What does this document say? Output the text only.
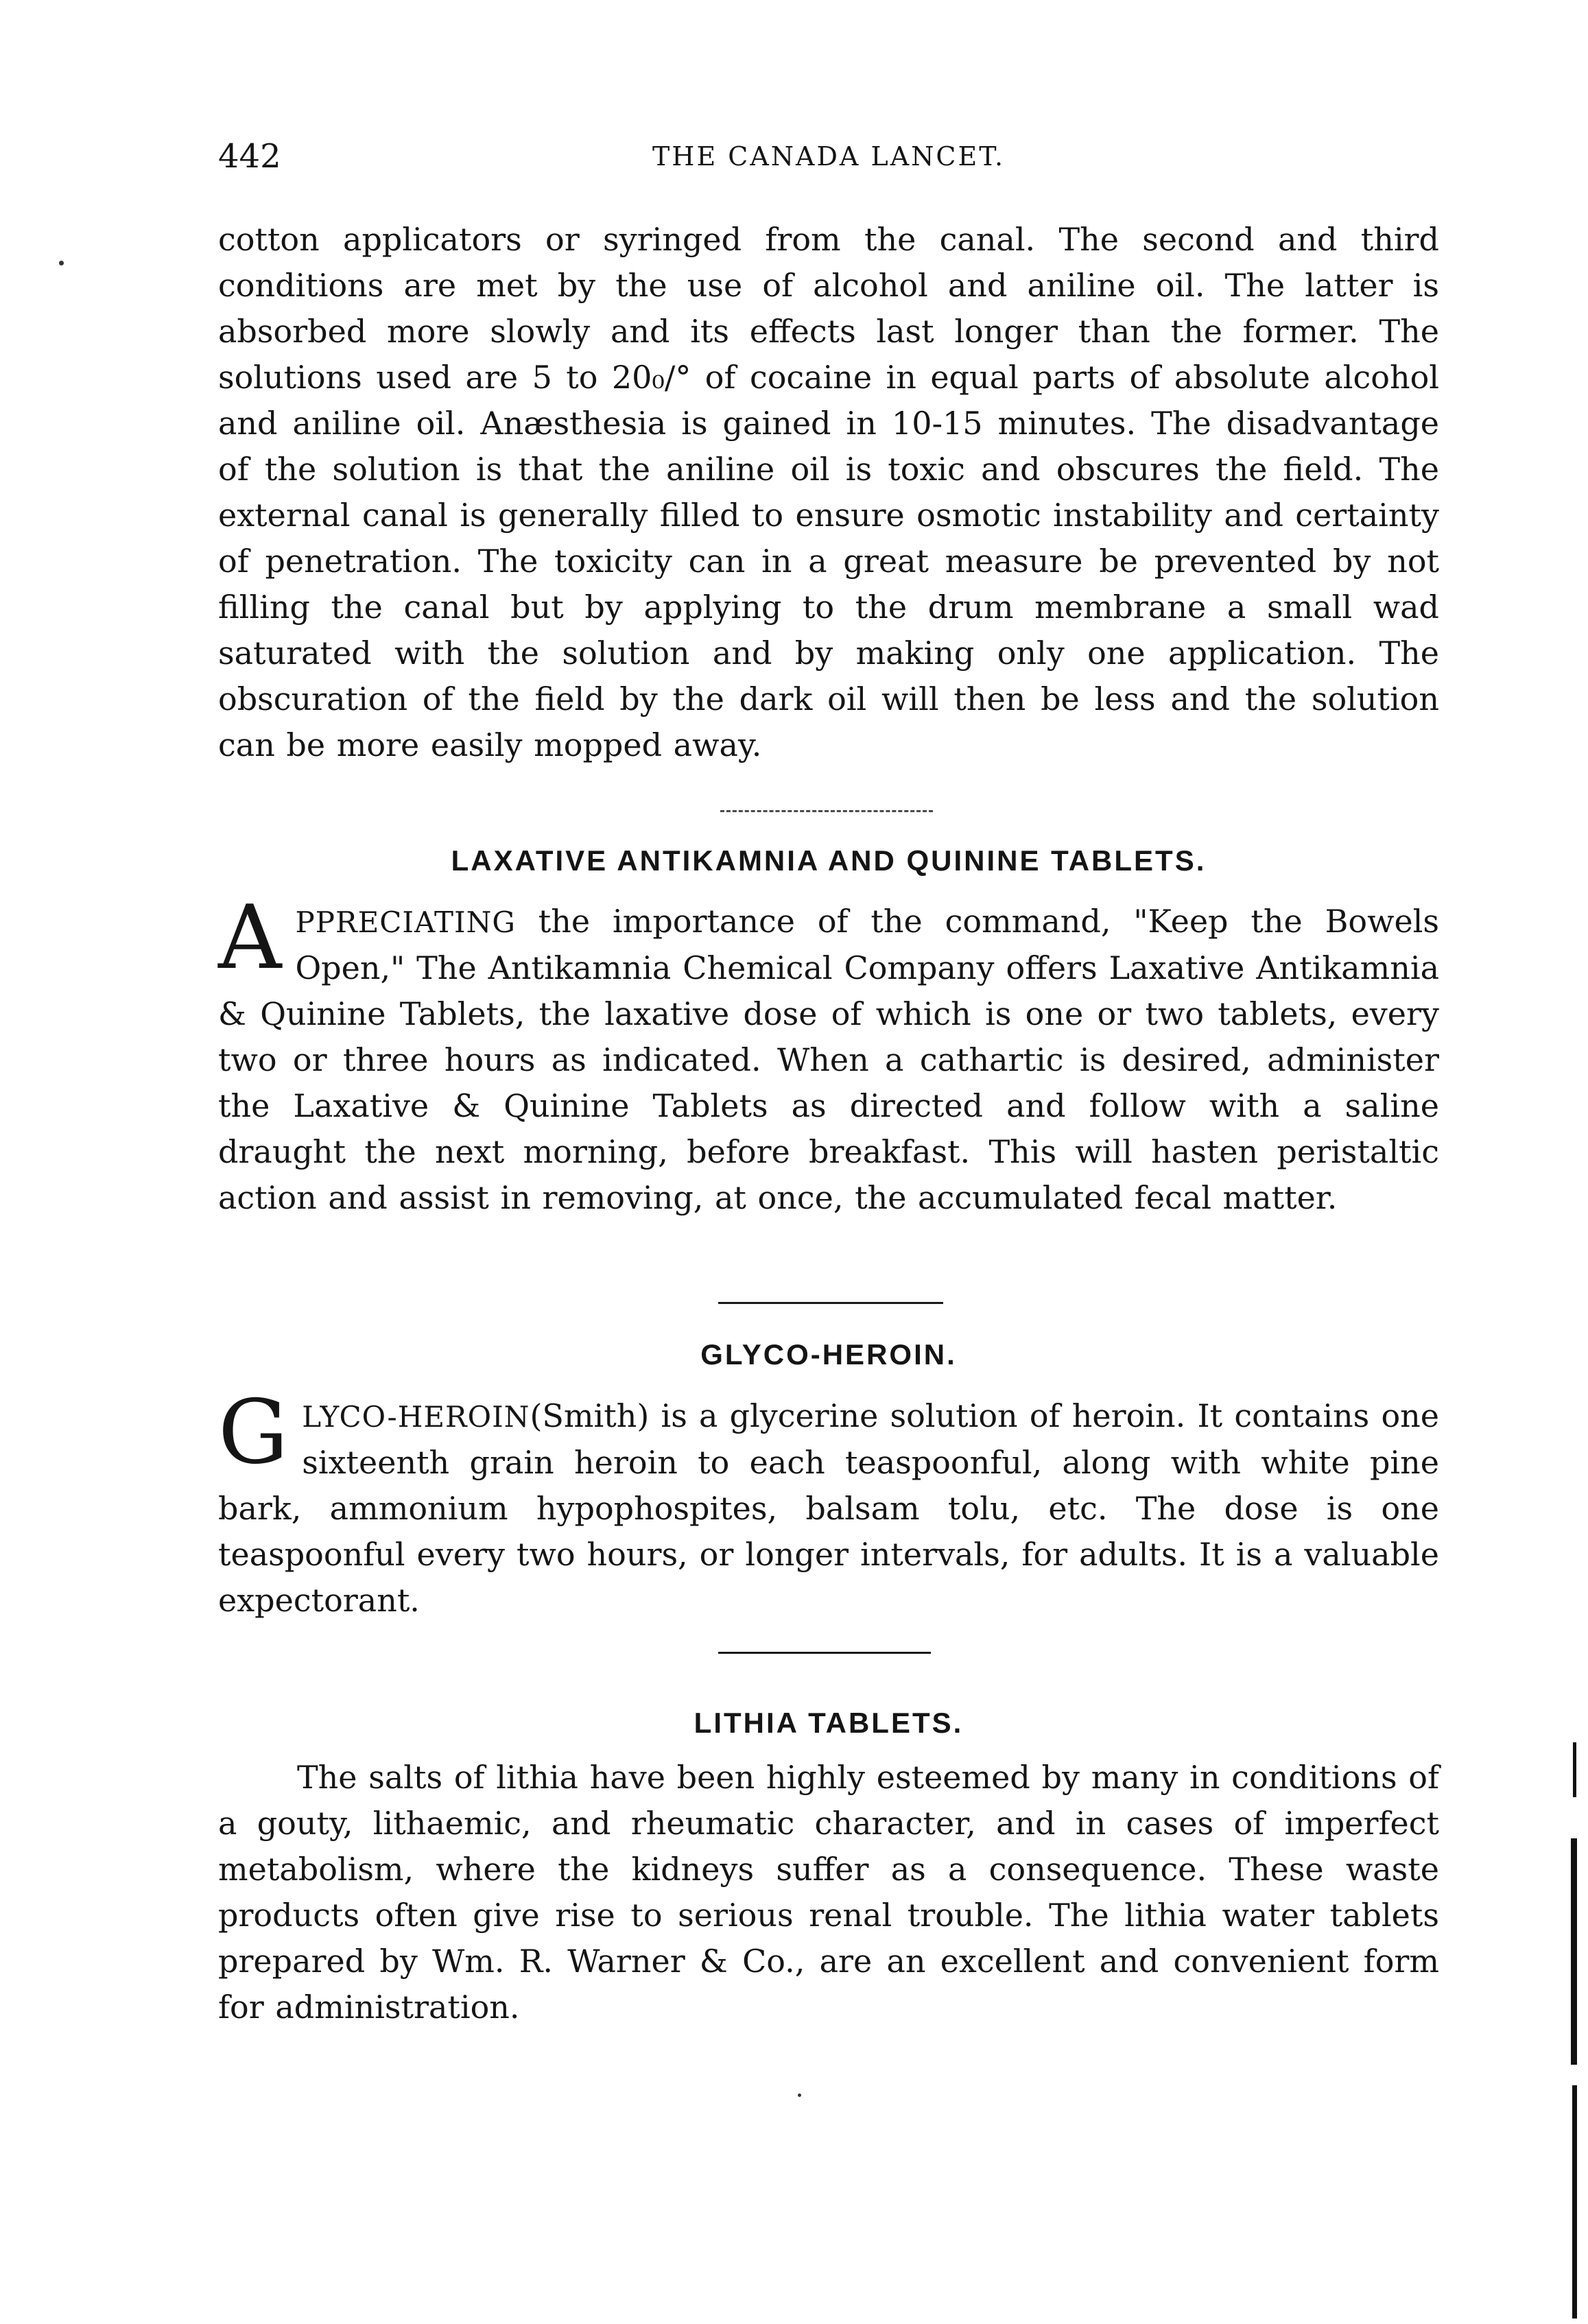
442	THE CANADA LANCET.

cotton applicators or syringed from the canal. The second and third conditions are met by the use of alcohol and aniline oil. The latter is absorbed more slowly and its effects last longer than the former. The solutions used are 5 to 20₀/° of cocaine in equal parts of absolute alcohol and aniline oil. Anæsthesia is gained in 10-15 minutes. The disadvantage of the solution is that the aniline oil is toxic and obscures the field. The external canal is generally filled to ensure osmotic instability and certainty of penetration. The toxicity can in a great measure be prevented by not filling the canal but by applying to the drum membrane a small wad saturated with the solution and by making only one application. The obscuration of the field by the dark oil will then be less and the solution can be more easily mopped away.

LAXATIVE ANTIKAMNIA AND QUININE TABLETS.

APPRECIATING the importance of the command, "Keep the Bowels Open," The Antikamnia Chemical Company offers Laxative Antikamnia & Quinine Tablets, the laxative dose of which is one or two tablets, every two or three hours as indicated. When a cathartic is desired, administer the Laxative & Quinine Tablets as directed and follow with a saline draught the next morning, before breakfast. This will hasten peristaltic action and assist in removing, at once, the accumulated fecal matter.

GLYCO-HEROIN.

GLYCO-HEROIN(Smith) is a glycerine solution of heroin. It contains one sixteenth grain heroin to each teaspoonful, along with white pine bark, ammonium hypophospites, balsam tolu, etc. The dose is one teaspoonful every two hours, or longer intervals, for adults. It is a valuable expectorant.

LITHIA TABLETS.

The salts of lithia have been highly esteemed by many in conditions of a gouty, lithaemic, and rheumatic character, and in cases of imperfect metabolism, where the kidneys suffer as a consequence. These waste products often give rise to serious renal trouble. The lithia water tablets prepared by Wm. R. Warner & Co., are an excellent and convenient form for administration.
